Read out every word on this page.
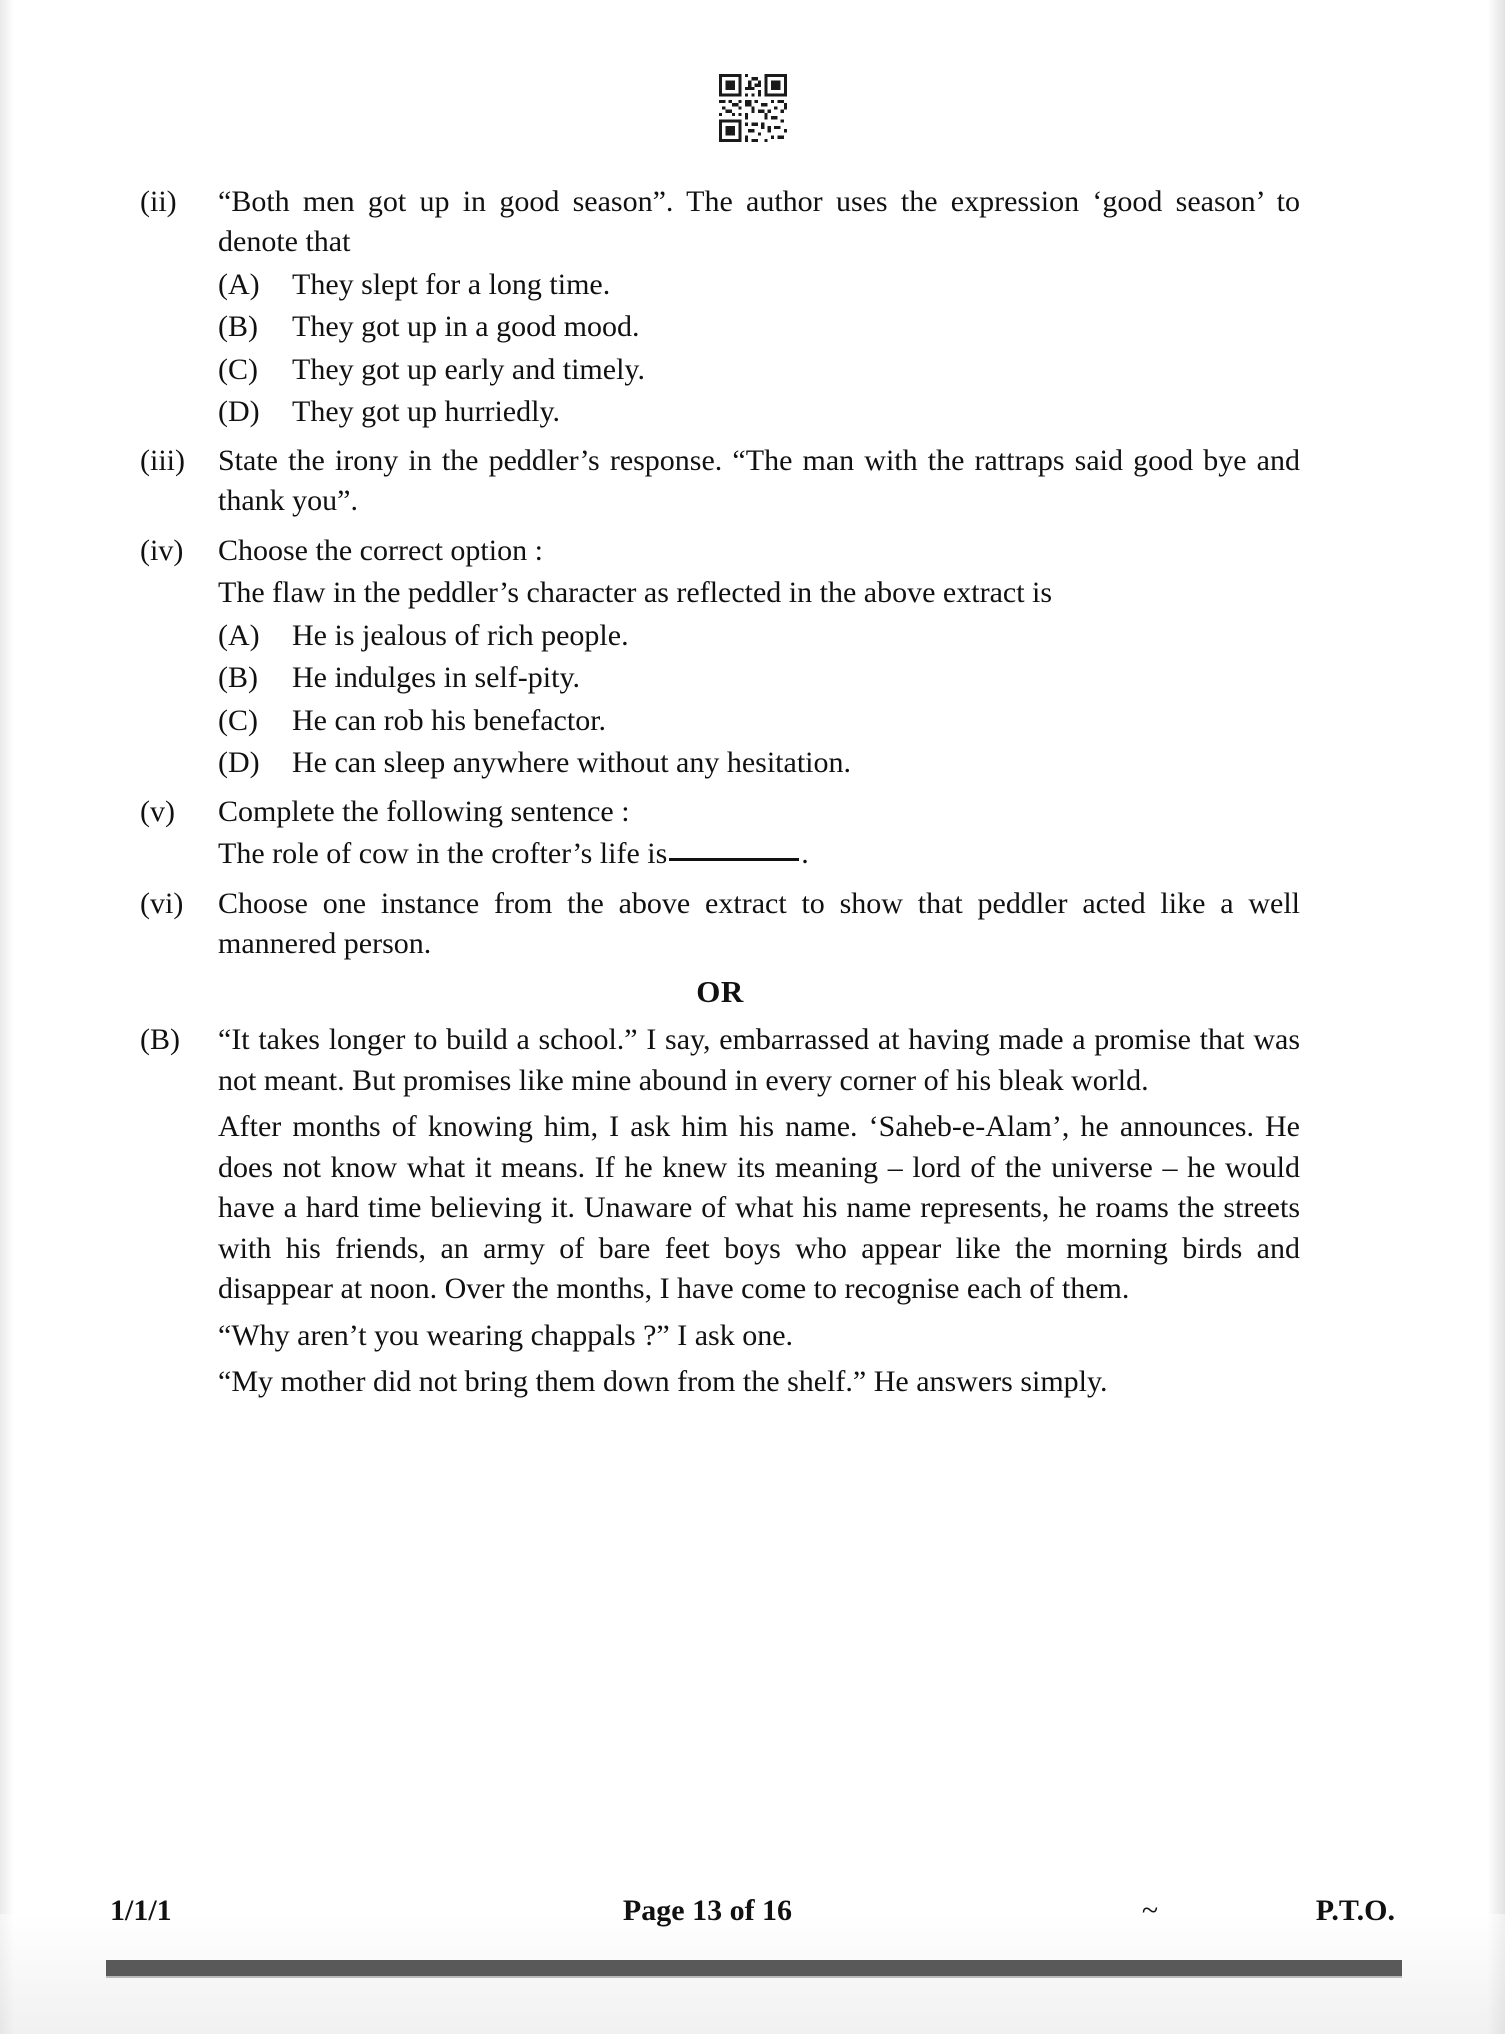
(ii)	“Both men got up in good season”. The author uses the expression ‘good season’ to denote that
(A)	They slept for a long time.
(B)	They got up in a good mood.
(C)	They got up early and timely.
(D)	They got up hurriedly.
(iii)	State the irony in the peddler’s response. “The man with the rattraps said good bye and thank you”.
(iv)	Choose the correct option :
The flaw in the peddler’s character as reflected in the above extract is
(A)	He is jealous of rich people.
(B)	He indulges in self-pity.
(C)	He can rob his benefactor.
(D)	He can sleep anywhere without any hesitation.
(v)	Complete the following sentence :
The role of cow in the crofter’s life is	.
(vi)	Choose one instance from the above extract to show that peddler acted like a well mannered person.
OR
(B)	“It takes longer to build a school.” I say, embarrassed at having made a promise that was not meant. But promises like mine abound in every corner of his bleak world.
After months of knowing him, I ask him his name. ‘Saheb-e-Alam’, he announces. He does not know what it means. If he knew its meaning – lord of the universe – he would have a hard time believing it. Unaware of what his name represents, he roams the streets with his friends, an army of bare feet boys who appear like the morning birds and disappear at noon. Over the months, I have come to recognise each of them.
“Why aren’t you wearing chappals ?” I ask one.
“My mother did not bring them down from the shelf.” He answers simply.
1/1/1	Page 13 of 16	~	P.T.O.
